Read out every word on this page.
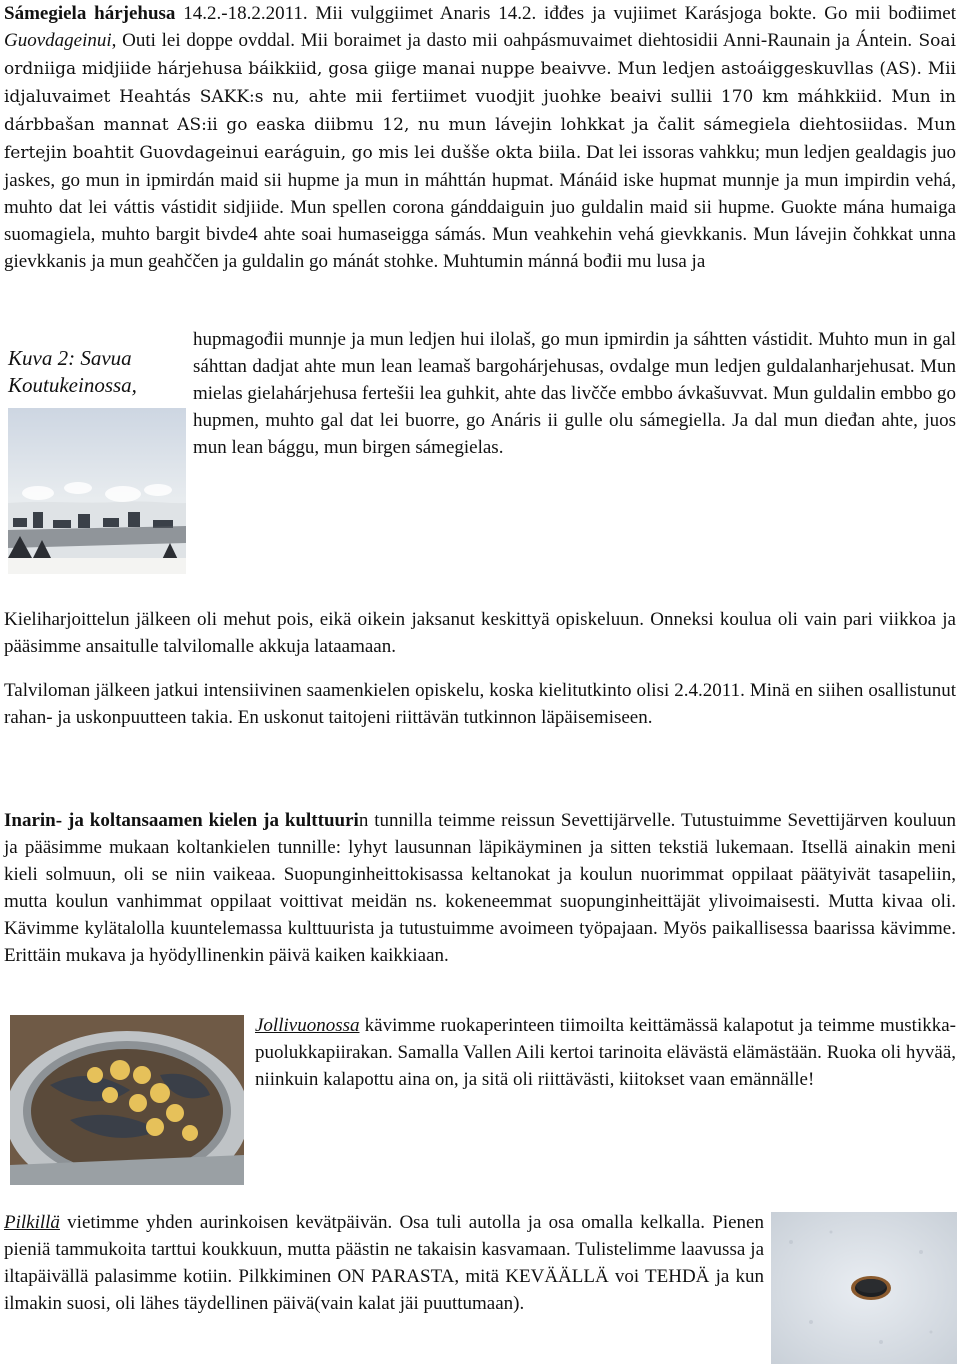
Sámegiela hárjehusa 14.2.-18.2.2011. Mii vulggiimet Anaris 14.2. iđđes ja vujiimet Karásjoga bokte. Go mii bođiimet Guovdageinui, Outi lei doppe ovddal. Mii boraimet ja dasto mii oahpásmuvaimet diehtosidii Anni-Raunain ja Ántein. Soai ordniiga midjiide hárjehusa báikkiid, gosa giige manai nuppe beaivve. Mun ledjen astoáiggeskuvllas (AS). Mii idjaluvaimet Heahtás SAKK:s nu, ahte mii fertiimet vuodjit juohke beaivi sullii 170 km máhkkiid. Mun in dárbbašan mannat AS:ii go easka diibmu 12, nu mun lávejin lohkkat ja čalit sámegiela diehtosiidas. Mun fertejin boahtit Guovdageinui earáguin, go mis lei dušše okta biila. Dat lei issoras vahkku; mun ledjen gealdagis juo jaskes, go mun in ipmirdán maid sii hupme ja mun in máhttán hupmat. Mánáid iske hupmat munnje ja mun impirdin vehá, muhto dat lei váttis vástidit sidjiide. Mun spellen corona gánddaiguin juo guldalin maid sii hupme. Guokte mána humaiga suomagiela, muhto bargit bivde4 ahte soai humaseigga sámás. Mun veahkehin vehá gievkkanis. Mun lávejin čohkkat unna gievkkanis ja mun geahččen ja guldalin go mánát stohke. Muhtumin mánná bođii mu lusa ja

Kuva 2: Savua Koutukeinossa,

hupmagođii munnje ja mun ledjen hui ilolaš, go mun ipmirdin ja sáhtten vástidit. Muhto mun in gal sáhttan dadjat ahte mun lean leamaš bargohárjehusas, ovdalge mun ledjen guldalanharjehusat. Mun mielas gielahárjehusa fertešii lea guhkit, ahte das livčče embbo ávkašuvvat. Mun guldalin embbo go hupmen, muhto gal dat lei buorre, go Anáris ii gulle olu sámegiella. Ja dal mun dieđan ahte, juos mun lean bággu, mun birgen sámegielas.

Kieliharjoittelun jälkeen oli mehut pois, eikä oikein jaksanut keskittyä opiskeluun. Onneksi koulua oli vain pari viikkoa ja pääsimme ansaitulle talvilomalle akkuja lataamaan.

Talviloman jälkeen jatkui intensiivinen saamenkielen opiskelu, koska kielitutkinto olisi 2.4.2011. Minä en siihen osallistunut rahan- ja uskonpuutteen takia. En uskonut taitojeni riittävän tutkinnon läpäisemiseen.

Inarin- ja koltansaamen kielen ja kulttuurin tunnilla teimme reissun Sevettijärvelle. Tutustuimme Sevettijärven kouluun ja pääsimme mukaan koltankielen tunnille: lyhyt lausunnan läpikäyminen ja sitten tekstiä lukemaan. Itsellä ainakin meni kieli solmuun, oli se niin vaikeaa. Suopunginheittokisassa keltanokat ja koulun nuorimmat oppilaat päätyivät tasapeliin, mutta koulun vanhimmat oppilaat voittivat meidän ns. kokeneemmat suopunginheittäjät ylivoimaisesti. Mutta kivaa oli. Kävimme kylätalolla kuuntelemassa kulttuurista ja tutustuimme avoimeen työpajaan. Myös paikallisessa baarissa kävimme. Erittäin mukava ja hyödyllinenkin päivä kaiken kaikkiaan.

Jollivuonossa kävimme ruokaperinteen tiimoilta keittämässä kalapotut ja teimme mustikka-puolukkapiirakan. Samalla Vallen Aili kertoi tarinoita elävästä elämästään. Ruoka oli hyvää, niinkuin kalapottu aina on, ja sitä oli riittävästi, kiitokset vaan emännälle!

Pilkillä vietimme yhden aurinkoisen kevätpäivän. Osa tuli autolla ja osa omalla kelkalla. Pienen pieniä tammukoita tarttui koukkuun, mutta päästin ne takaisin kasvamaan. Tulistelimme laavussa ja iltapäivällä palasimme kotiin. Pilkkiminen ON PARASTA, mitä KEVÄÄLLÄ voi TEHDÄ ja kun ilmakin suosi, oli lähes täydellinen päivä(vain kalat jäi puuttumaan).
